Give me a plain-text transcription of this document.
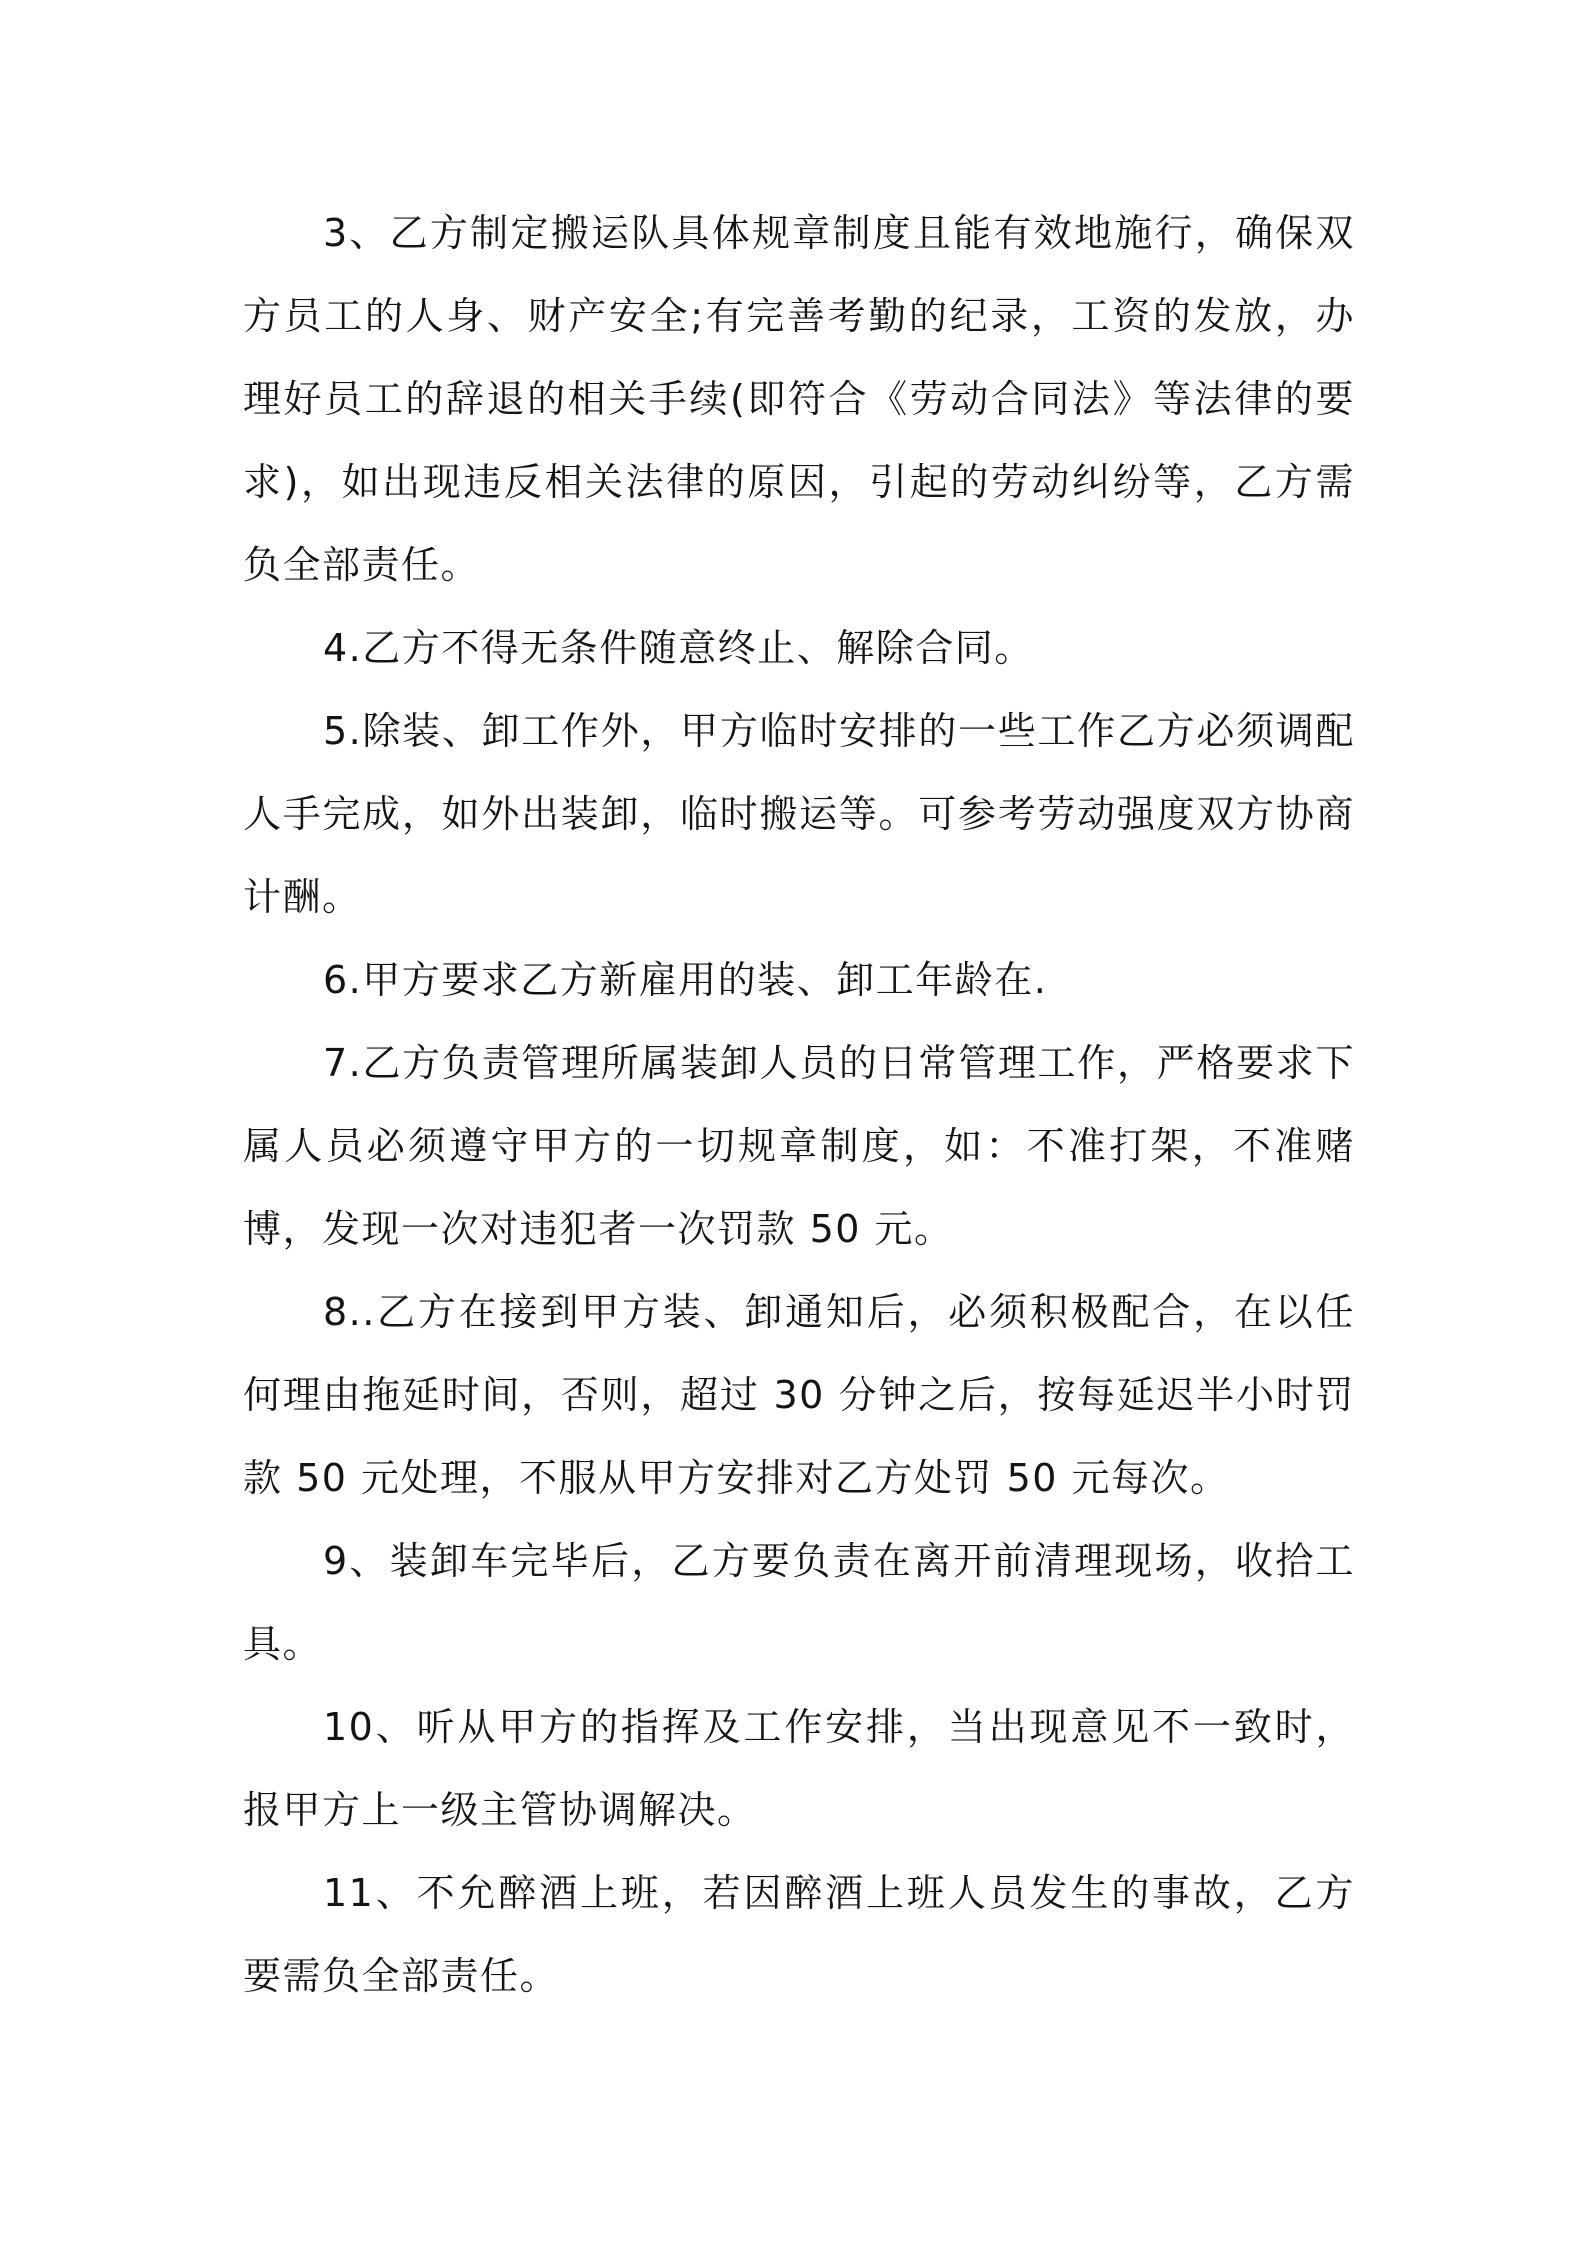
3、乙方制定搬运队具体规章制度且能有效地施行，确保双方员工的人身、财产安全;有完善考勤的纪录，工资的发放，办理好员工的辞退的相关手续(即符合《劳动合同法》等法律的要求)，如出现违反相关法律的原因，引起的劳动纠纷等，乙方需负全部责任。

4.乙方不得无条件随意终止、解除合同。

5.除装、卸工作外，甲方临时安排的一些工作乙方必须调配人手完成，如外出装卸，临时搬运等。可参考劳动强度双方协商计酬。

6.甲方要求乙方新雇用的装、卸工年龄在.

7.乙方负责管理所属装卸人员的日常管理工作，严格要求下属人员必须遵守甲方的一切规章制度，如：不准打架，不准赌博，发现一次对违犯者一次罚款 50 元。

8..乙方在接到甲方装、卸通知后，必须积极配合，在以任何理由拖延时间，否则，超过 30 分钟之后，按每延迟半小时罚款 50 元处理，不服从甲方安排对乙方处罚 50 元每次。

9、装卸车完毕后，乙方要负责在离开前清理现场，收拾工具。

10、听从甲方的指挥及工作安排，当出现意见不一致时，报甲方上一级主管协调解决。

11、不允醉酒上班，若因醉酒上班人员发生的事故，乙方要需负全部责任。
